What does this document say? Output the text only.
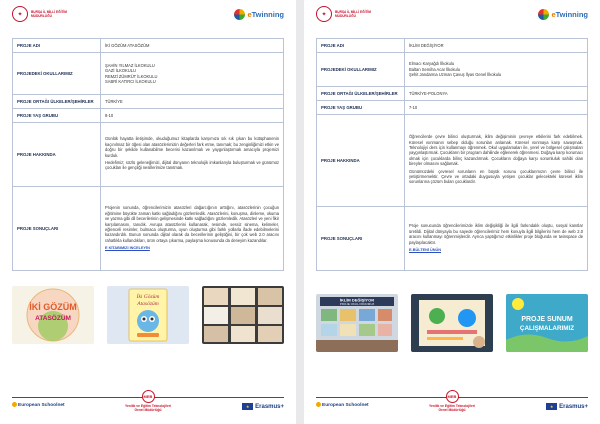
✦	BURSA İL MİLLİ EĞİTİM MÜDÜRLÜĞÜ	eTwinning
PROJE ADI	İKİ GÖZÜM ATASÖZÜM
PROJEDEKİ OKULLARIMIZ	ŞAHİN YILMAZ İLKOKULU
GAZİ İLKOKULU
REMZİ ZÜMRÜT İLKOKULU
SABRİ KATIRCI İLKOKULU

PROJE ORTAĞI ÜLKELER/ŞEHİRLER	TÜRKİYE
PROJE YAŞ GRUBU	8-10
PROJE HAKKINDA	Günlük hayatta iletişimde, okuduğumuz kitaplarda karşımıza sık sık çıkan bu kütüphanenin kaçınılmaz bir öğesi olan atasözlerimizin değerleri fark etme, tanımak; bu zenginliğimizi etkin ve doğru bir şekilde kullanabilme becerisi kazanılmalı ve yaygınlaştırmak amacıyla projemizi kurduk.

Hedefimiz; sözlü geleneğimizi, dijital dünyanın teknolojik imkanlarıyla buluşturmak ve günümüz çocukları ile gençliği nesillerimize tanıtmak.

PROJE SONUÇLARI	Projenin sonunda, öğrencilerimizin atasözleri dağarcığının arttığını, atasözlerinin çocuğun eğitimine büyükte zaman katkı sağladığını gözlemledik. Atasözlerini, konuşma, dinleme, okuma ve yazma gibi dil becerilerinin gelişmesinde katkı sağladığını gözlemledik. Atasözleri ve yeni fikir karşılamasını, tanıdık. Avrupa atasözlerini kullanarak, resimde, sessiz sinema, kelimeler, eğlenceli resimler, bulmaca oluşturma, oyun oluşturma gibi farklı yollarla ifade edebilmelerini kazandırdık. Bunun sonunda dijital olarak da becerilerinin geliştiğini, bir çok web 2.0 aracını rahatlıkla kullandıkları, ürün ortaya çıkarma, paylaşma konusunda da deneyim kazandılar.

E KİTABIMIZI INCELEYİN
İKİ GÖZÜM
ATASÖZÜM
İki Gözüm
Atasözüm
European Schoolnet
MEB
Yenilik ve Eğitim Teknolojileri
Genel Müdürlüğü
★ Erasmus+
✦	BURSA İL MİLLİ EĞİTİM MÜDÜRLÜĞÜ	eTwinning
PROJE ADI	İKLİM DEĞİŞİYOR
PROJEDEKİ OKULLARIMIZ	Elmacı Karyağdı İlkokulu
Baltan Semiha Acar İlkokulu
Şehit Jandarma Uzman Çavuş İlyas Genel İlkokulu

PROJE ORTAĞI ÜLKELER/ŞEHİRLER	TÜRKİYE-POLONYA
PROJE YAŞ GRUBU	7-10
PROJE HAKKINDA	Öğrencilerde çevre bilinci oluşturmak, iklim değişiminin çevreye etkilerini fark edebilmek. Küresel ısınmanın sebep olduğu sorunları anlamak. Küresel ısınmaya karşı savaşmak. Teknolojiyi ders için kullanmayı öğrenmek. Okul uygulamaları ile, yerel ve bölgesel çalışmaları yaygınlaştırmak. Çocukların bir program dahilinde eğlenerek öğrenmesi. Doğaya karşı korumacı olmak için çocuklarda bilinç kazandırmak. Çocukların doğaya karşı sorumluluk sahibi olan bireyler olmasını sağlamak.

Günümüzdeki çevresel sorunların en büyük sorunu çocuklarımızın çevre bilinci ile yetiştirmemektir. Çevre ve ortadaki duygusuyla yetişen çocuklar gelecekteki küresel iklim sorunlarına çözüm bulan çocuklardır.

PROJE SONUÇLARI	Proje sonucunda öğrencilerimizde iklim değişikliği ile ilgili farkındalık oluştu, sosyal kanıtlar üretildi. Dijital dünyayla bu sayede öğrencilerimiz hem konuyla ilgili bilgilerini hem de web 2.0 aracını kullanmayı öğrenmişlerdir. Ayrıca yaptığımız etkinlikler proje bloğunda ve twinspace de paylaşılacaktır.

E-BÜLTENİ ÜNÜN
İKLİM DEĞİŞİYOR
PROJE OKUL PANOMUZ
PROJE SUNUM
ÇALIŞMALARIMIZ
European Schoolnet
MEB
Yenilik ve Eğitim Teknolojileri
Genel Müdürlüğü
★ Erasmus+
